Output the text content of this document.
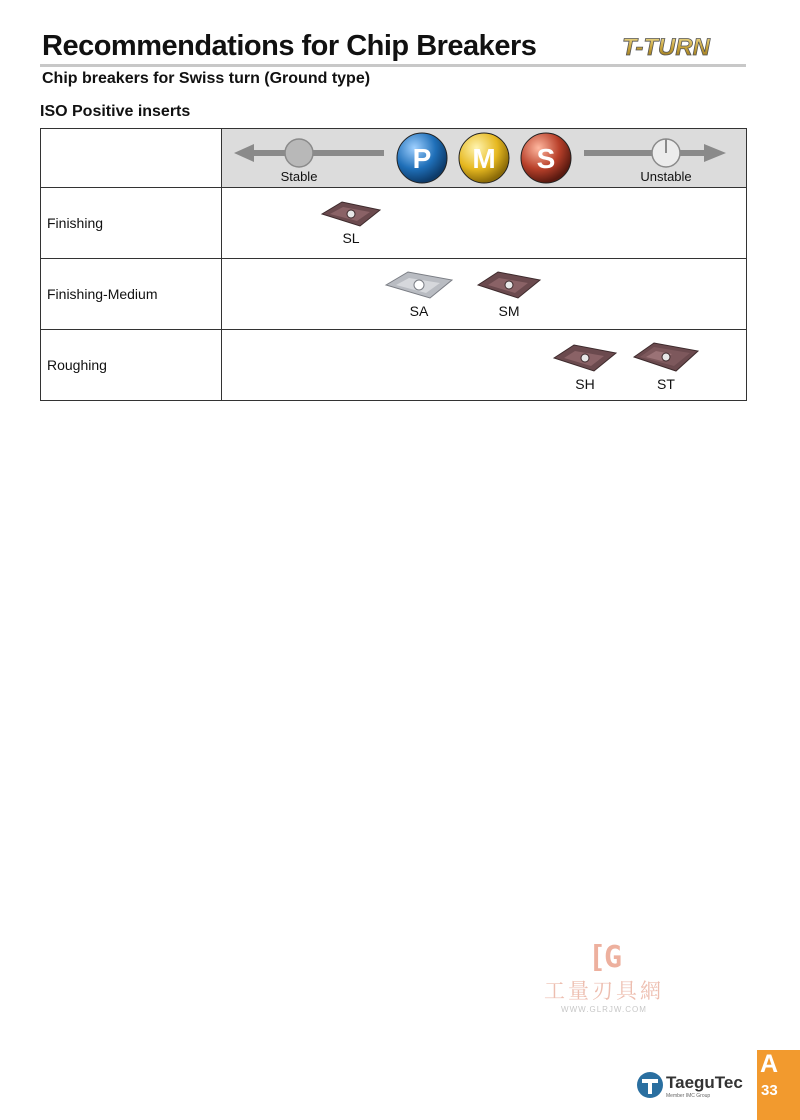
Recommendations for Chip Breakers
Chip breakers for Swiss turn (Ground type)
T-TURN
ISO Positive inserts

P M S
Stable Unstable

Finishing	SL

Finishing-Medium	SA SM

Roughing	SH ST
[G
工量刃具網
WWW.GLRJW.COM
TaeguTec
Member IMC Group
A
33
